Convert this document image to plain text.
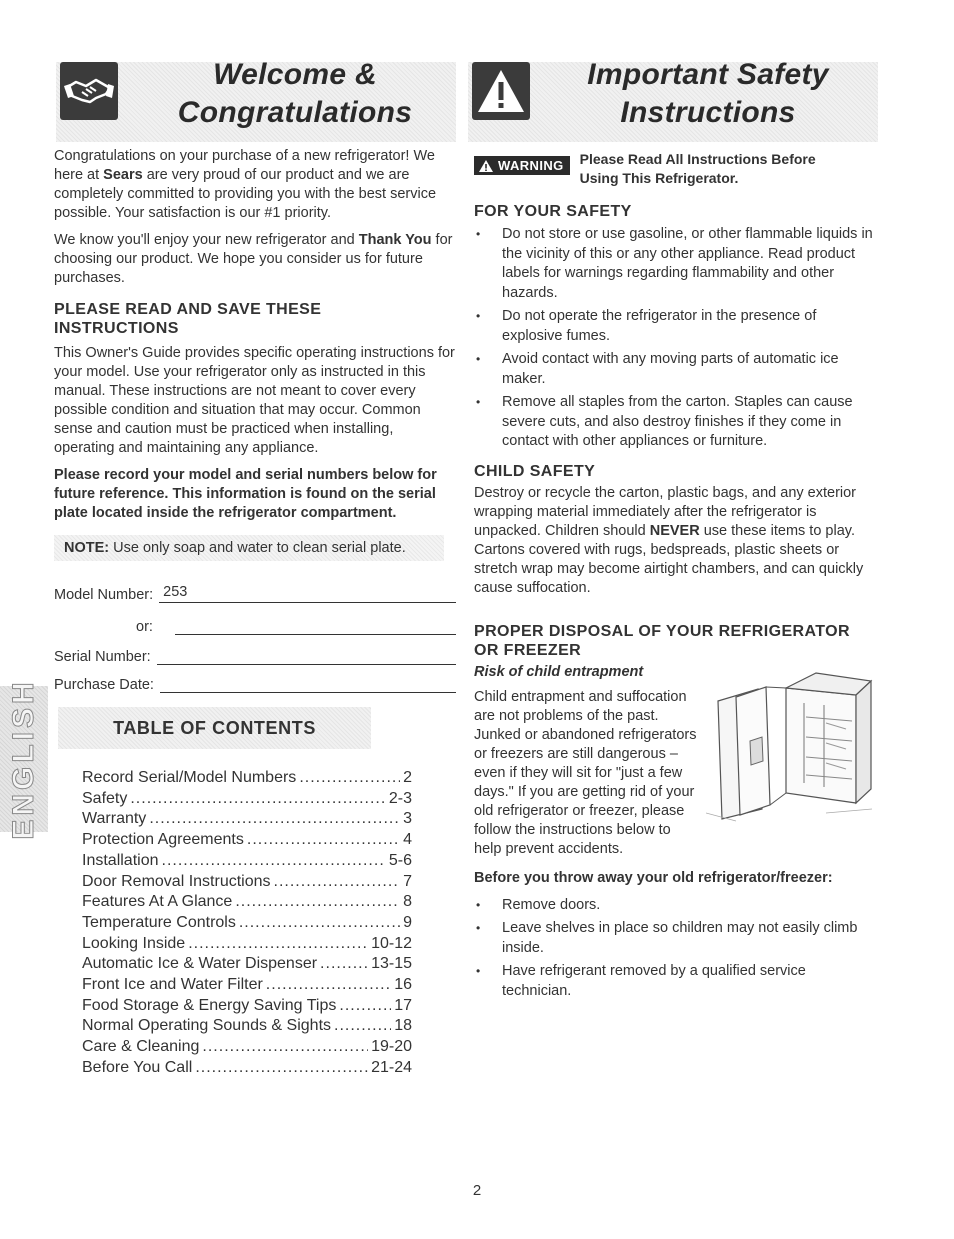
Welcome &
Congratulations
Important Safety
Instructions

Congratulations on your purchase of a new refrigerator! We here at Sears are very proud of our product and we are completely committed to providing you with the best service possible. Your satisfaction is our #1 priority.

We know you'll enjoy your new refrigerator and Thank You for choosing our product. We hope you consider us for future purchases.

PLEASE READ AND SAVE THESE INSTRUCTIONS

This Owner's Guide provides specific operating instructions for your model. Use your refrigerator only as instructed in this manual. These instructions are not meant to cover every possible condition and situation that may occur. Common sense and caution must be practiced when installing, operating and maintaining any appliance.

Please record your model and serial numbers below for future reference. This information is found on the serial plate located inside the refrigerator compartment.

NOTE: Use only soap and water to clean serial plate.
Model Number: 253
or:
Serial Number:
Purchase Date:
ENGLISH	TABLE OF CONTENTS
Record Serial/Model Numbers .....	2
Safety .....	2-3
Warranty .....	3
Protection Agreements .....	4
Installation .....	5-6
Door Removal Instructions .....	7
Features At A Glance .....	8
Temperature Controls .....	9
Looking Inside .....	10-12
Automatic Ice & Water Dispenser .....	13-15
Front Ice and Water Filter .....	16
Food Storage & Energy Saving Tips .....	17
Normal Operating Sounds & Sights .....	18
Care & Cleaning .....	19-20
Before You Call .....	21-24
WARNING Please Read All Instructions Before
Using This Refrigerator.
FOR YOUR SAFETY
• Do not store or use gasoline, or other flammable liquids in the vicinity of this or any other appliance. Read product labels for warnings regarding flammability and other hazards.
• Do not operate the refrigerator in the presence of explosive fumes.
• Avoid contact with any moving parts of automatic ice maker.
• Remove all staples from the carton. Staples can cause severe cuts, and also destroy finishes if they come in contact with other appliances or furniture.
CHILD SAFETY

Destroy or recycle the carton, plastic bags, and any exterior wrapping material immediately after the refrigerator is unpacked. Children should NEVER use these items to play. Cartons covered with rugs, bedspreads, plastic sheets or stretch wrap may become airtight chambers, and can quickly cause suffocation.

PROPER DISPOSAL OF YOUR REFRIGERATOR OR FREEZER
Risk of child entrapment

Child entrapment and suffocation are not problems of the past. Junked or abandoned refrigerators or freezers are still dangerous – even if they will sit for "just a few days." If you are getting rid of your old refrigerator or freezer, please follow the instructions below to help prevent accidents.

Before you throw away your old refrigerator/freezer:

• Remove doors.
• Leave shelves in place so children may not easily climb inside.
• Have refrigerant removed by a qualified service technician.
2
